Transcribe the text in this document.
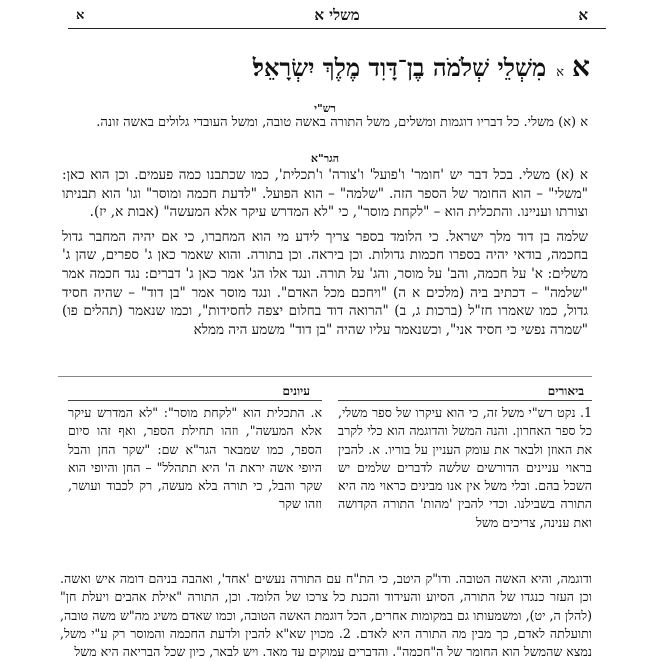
א	משלי א	א
אאמִשְׁלֵי שְׁלֹמֹה בֶן־דָּוִד מֶלֶךְ יִשְׂרָאֵל׃
רש"י
א (א) משלי. כל דבריו דוגמות ומשלים, משל התורה באשה טובה, ומשל העובדי גלולים באשה זונה.
הגר"א

א (א) משלי. בכל דבר יש 'חומר' ו'פועל' ו'צורה' ו'תכלית', כמו שכתבנו כמה פעמים. וכן הוא כאן: "משלי" – הוא החומר של הספר הזה. "שלמה" – הוא הפועל. "לדעת חכמה ומוסר" וגו' הוא תבניתו וצורתו ועניינו. והתכלית הוא – "לקחת מוסר", כי "לא המדרש עיקר אלא המעשה" (אבות א, יז).

שלמה בן דוד מלך ישראל. כי הלומד בספר צריך לידע מי הוא המחברו, כי אם יהיה המחבר גדול בחכמה, בודאי יהיה בספרו חכמות גדולות. וכן ביראה. וכן בתורה. והוא שאמר כאן ג' ספרים, שהן ג' משלים: א' על חכמה, והב' על מוסר, והג' על תורה. ונגד אלו הג' אמר כאן ג' דברים: נגד חכמה אמר "שלמה" – דכתיב ביה (מלכים א ה) "ויחכם מכל האדם". ונגד מוסר אמר "בן דוד" – שהיה חסיד גדול, כמו שאמרו חז"ל (ברכות ג, ב) "הרואה דוד בחלום יצפה לחסידות", וכמו שנאמר (תהלים פו) "שמרה נפשי כי חסיד אני", וכשנאמר עליו שהיה "בן דוד" משמע היה ממלא

ביאורים
עיונים
1. נקט רש"י משל זה, כי הוא עיקרו של ספר משלי, כל ספר האחרון. והנה המשל והדוגמה הוא כלי לקרב את האוזן ולבאר את עומק העניין על בוריו. א. להבין בראוי עניינים הדורשים שלשה לדברים שלמים יש השכל בהם. ובלי משל אין אנו מבינים כראוי מה היא התורה בשבילנו. וכדי להבין 'מהות' התורה הקדושה ואת ענינה, צריכים משל
א. התכלית הוא "לקחת מוסר": "לא המדרש עיקר אלא המעשה", וזהו תחילת הספר, ואף זהו סיום הספר, כמו שמבאר הגר"א שם: "שקר החן והבל היופי אשה יראת ה' היא תתהלל" – החן והיופי הוא שקר והבל, כי תורה בלא מעשה, רק לכבוד ועושר, וזהו שקר
ודוגמה, והיא האשה הטובה. ודו"ק היטב, כי הת"ח עם התורה נעשים 'אחד', ואהבה בניהם דומה איש ואשה. וכן העזר כנגדו של התורה, הסיוע והעידוד והכנת כל צרכו של הלומד. וכן, התורה "אילת אהבים ויעלת חן" (להלן ה, יט), ומשמעותו גם במקומות אחרים, הכל דוגמת האשה הטובה, וכמו שאדם משיג מה"ש משה טובה, ותועלתה לאדם, כך מבין מה התורה היא לאדם. 2. מכוין שא"א להבין ולדעת החכמה והמוסר רק ע"י משל, נמצא שהמשל הוא החומר של ה"חכמה". והדברים עמוקים עד מאד. ויש לבאר, כיון שכל הבריאה היא משל
